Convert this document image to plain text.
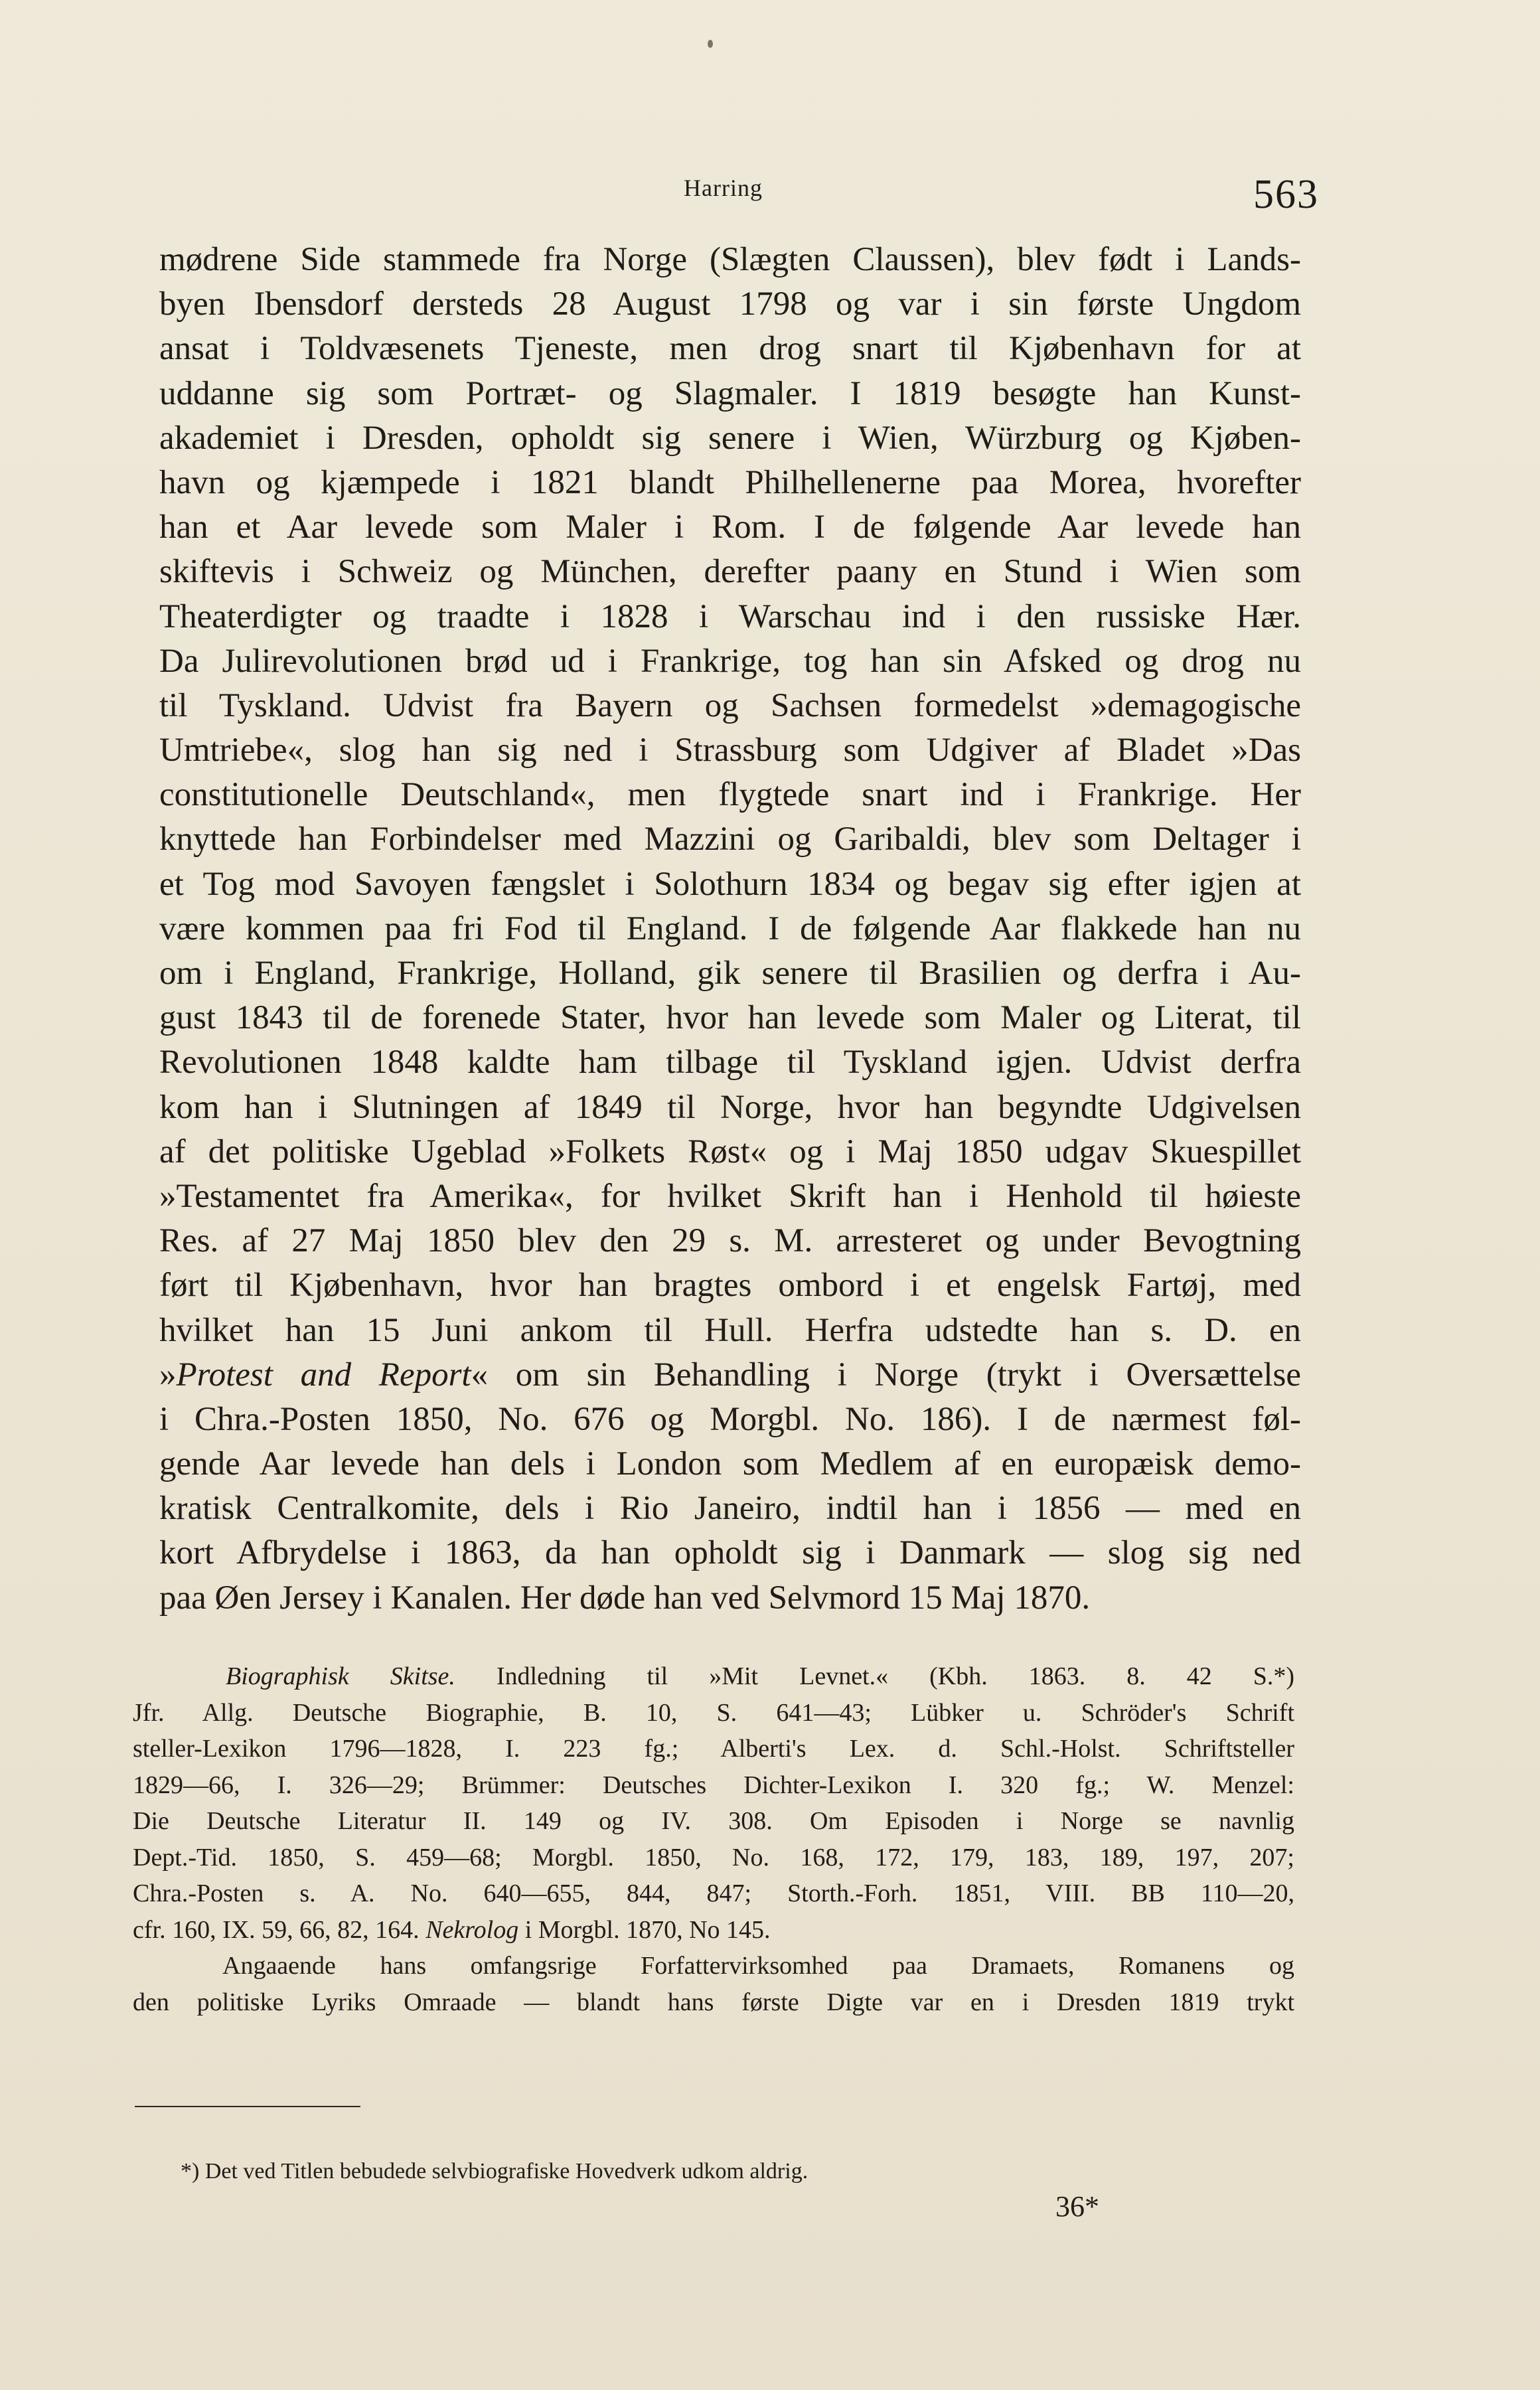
Harring	563
mødrene Side stammede fra Norge (Slægten Claussen), blev født i Lands-
byen Ibensdorf dersteds 28 August 1798 og var i sin første Ungdom
ansat i Toldvæsenets Tjeneste, men drog snart til Kjøbenhavn for at
uddanne sig som Portræt- og Slagmaler. I 1819 besøgte han Kunst-
akademiet i Dresden, opholdt sig senere i Wien, Würzburg og Kjøben-
havn og kjæmpede i 1821 blandt Philhellenerne paa Morea, hvorefter
han et Aar levede som Maler i Rom. I de følgende Aar levede han
skiftevis i Schweiz og München, derefter paany en Stund i Wien som
Theaterdigter og traadte i 1828 i Warschau ind i den russiske Hær.
Da Julirevolutionen brød ud i Frankrige, tog han sin Afsked og drog nu
til Tyskland. Udvist fra Bayern og Sachsen formedelst »demagogische
Umtriebe«, slog han sig ned i Strassburg som Udgiver af Bladet »Das
constitutionelle Deutschland«, men flygtede snart ind i Frankrige. Her
knyttede han Forbindelser med Mazzini og Garibaldi, blev som Deltager i
et Tog mod Savoyen fængslet i Solothurn 1834 og begav sig efter igjen at
være kommen paa fri Fod til England. I de følgende Aar flakkede han nu
om i England, Frankrige, Holland, gik senere til Brasilien og derfra i Au-
gust 1843 til de forenede Stater, hvor han levede som Maler og Literat, til
Revolutionen 1848 kaldte ham tilbage til Tyskland igjen. Udvist derfra
kom han i Slutningen af 1849 til Norge, hvor han begyndte Udgivelsen
af det politiske Ugeblad »Folkets Røst« og i Maj 1850 udgav Skuespillet
»Testamentet fra Amerika«, for hvilket Skrift han i Henhold til høieste
Res. af 27 Maj 1850 blev den 29 s. M. arresteret og under Bevogtning
ført til Kjøbenhavn, hvor han bragtes ombord i et engelsk Fartøj, med
hvilket han 15 Juni ankom til Hull. Herfra udstedte han s. D. en
»Protest and Report« om sin Behandling i Norge (trykt i Oversættelse
i Chra.-Posten 1850, No. 676 og Morgbl. No. 186). I de nærmest føl-
gende Aar levede han dels i London som Medlem af en europæisk demo-
kratisk Centralkomite, dels i Rio Janeiro, indtil han i 1856 — med en
kort Afbrydelse i 1863, da han opholdt sig i Danmark — slog sig ned
paa Øen Jersey i Kanalen. Her døde han ved Selvmord 15 Maj 1870.
Biographisk Skitse. Indledning til »Mit Levnet.« (Kbh. 1863. 8. 42 S.*)
Jfr. Allg. Deutsche Biographie, B. 10, S. 641—43; Lübker u. Schröder's Schrift
steller-Lexikon 1796—1828, I. 223 fg.; Alberti's Lex. d. Schl.-Holst. Schriftsteller
1829—66, I. 326—29; Brümmer: Deutsches Dichter-Lexikon I. 320 fg.; W. Menzel:
Die Deutsche Literatur II. 149 og IV. 308. Om Episoden i Norge se navnlig
Dept.-Tid. 1850, S. 459—68; Morgbl. 1850, No. 168, 172, 179, 183, 189, 197, 207;
Chra.-Posten s. A. No. 640—655, 844, 847; Storth.-Forh. 1851, VIII. BB 110—20,
cfr. 160, IX. 59, 66, 82, 164. Nekrolog i Morgbl. 1870, No 145.
Angaaende hans omfangsrige Forfattervirksomhed paa Dramaets, Romanens og
den politiske Lyriks Omraade — blandt hans første Digte var en i Dresden 1819 trykt
*) Det ved Titlen bebudede selvbiografiske Hovedverk udkom aldrig.
36*
